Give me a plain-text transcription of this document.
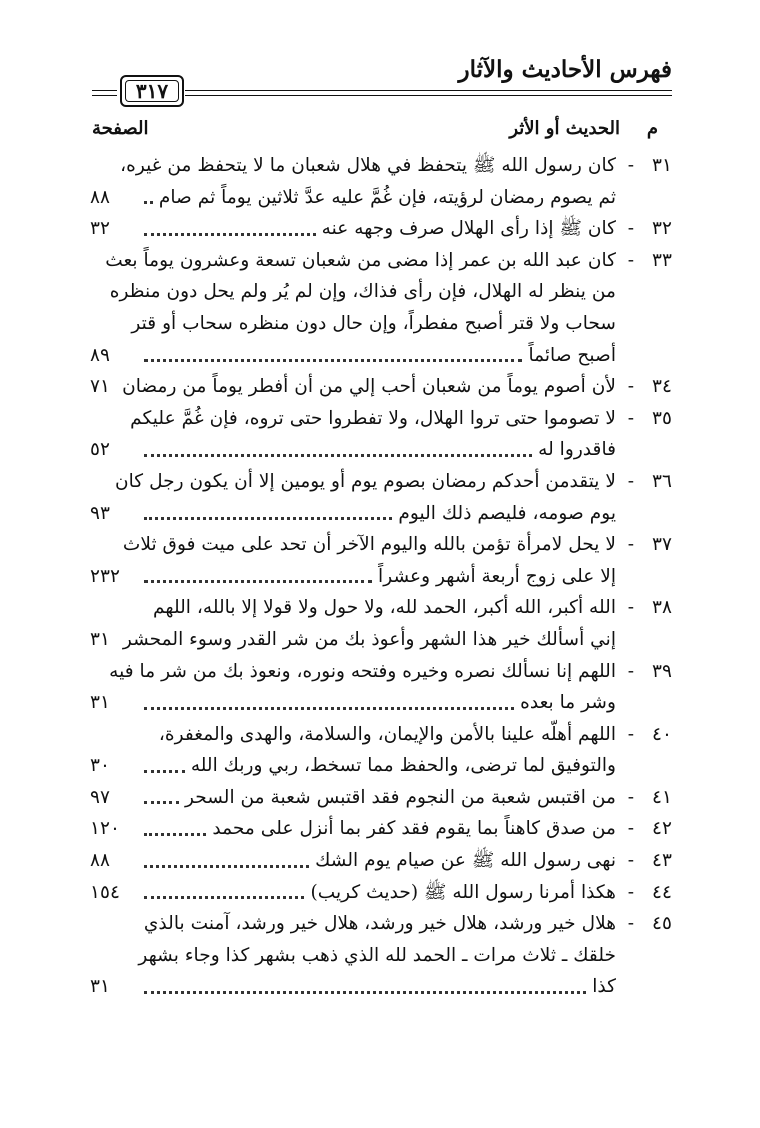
فهرس الأحاديث والآثار
٣١٧
م
الحديث أو الأثر
الصفحة
٣١
-
كان رسول الله ﷺ يتحفظ في هلال شعبان ما لا يتحفظ من غيره،
ثم يصوم رمضان لرؤيته، فإن غُمَّ عليه عدَّ ثلاثين يوماً ثم صام
٨٨
٣٢
-
كان ﷺ إذا رأى الهلال صرف وجهه عنه
٣٢
٣٣
-
كان عبد الله بن عمر إذا مضى من شعبان تسعة وعشرون يوماً بعث
من ينظر له الهلال، فإن رأى فذاك، وإن لم يُر ولم يحل دون منظره
سحاب ولا قتر أصبح مفطراً، وإن حال دون منظره سحاب أو قتر
أصبح صائماً
٨٩
٣٤
-
لأن أصوم يوماً من شعبان أحب إلي من أن أفطر يوماً من رمضان
٧١
٣٥
-
لا تصوموا حتى تروا الهلال، ولا تفطروا حتى تروه، فإن غُمَّ عليكم
فاقدروا له
٥٢
٣٦
-
لا يتقدمن أحدكم رمضان بصوم يوم أو يومين إلا أن يكون رجل كان
يوم صومه، فليصم ذلك اليوم
٩٣
٣٧
-
لا يحل لامرأة تؤمن بالله واليوم الآخر أن تحد على ميت فوق ثلاث
إلا على زوج أربعة أشهر وعشراً
٢٣٢
٣٨
-
الله أكبر، الله أكبر، الحمد لله، ولا حول ولا قولا إلا بالله، اللهم
إني أسألك خير هذا الشهر وأعوذ بك من شر القدر وسوء المحشر
٣١
٣٩
-
اللهم إنا نسألك نصره وخيره وفتحه ونوره، ونعوذ بك من شر ما فيه
وشر ما بعده
٣١
٤٠
-
اللهم أهلّه علينا بالأمن والإيمان، والسلامة، والهدى والمغفرة،
والتوفيق لما ترضى، والحفظ مما تسخط، ربي وربك الله
٣٠
٤١
-
من اقتبس شعبة من النجوم فقد اقتبس شعبة من السحر
٩٧
٤٢
-
من صدق كاهناً بما يقوم فقد كفر بما أنزل على محمد
١٢٠
٤٣
-
نهى رسول الله ﷺ عن صيام يوم الشك
٨٨
٤٤
-
هكذا أمرنا رسول الله ﷺ (حديث كريب)
١٥٤
٤٥
-
هلال خير ورشد، هلال خير ورشد، هلال خير ورشد، آمنت بالذي
خلقك ـ ثلاث مرات ـ الحمد لله الذي ذهب بشهر كذا وجاء بشهر
كذا
٣١
